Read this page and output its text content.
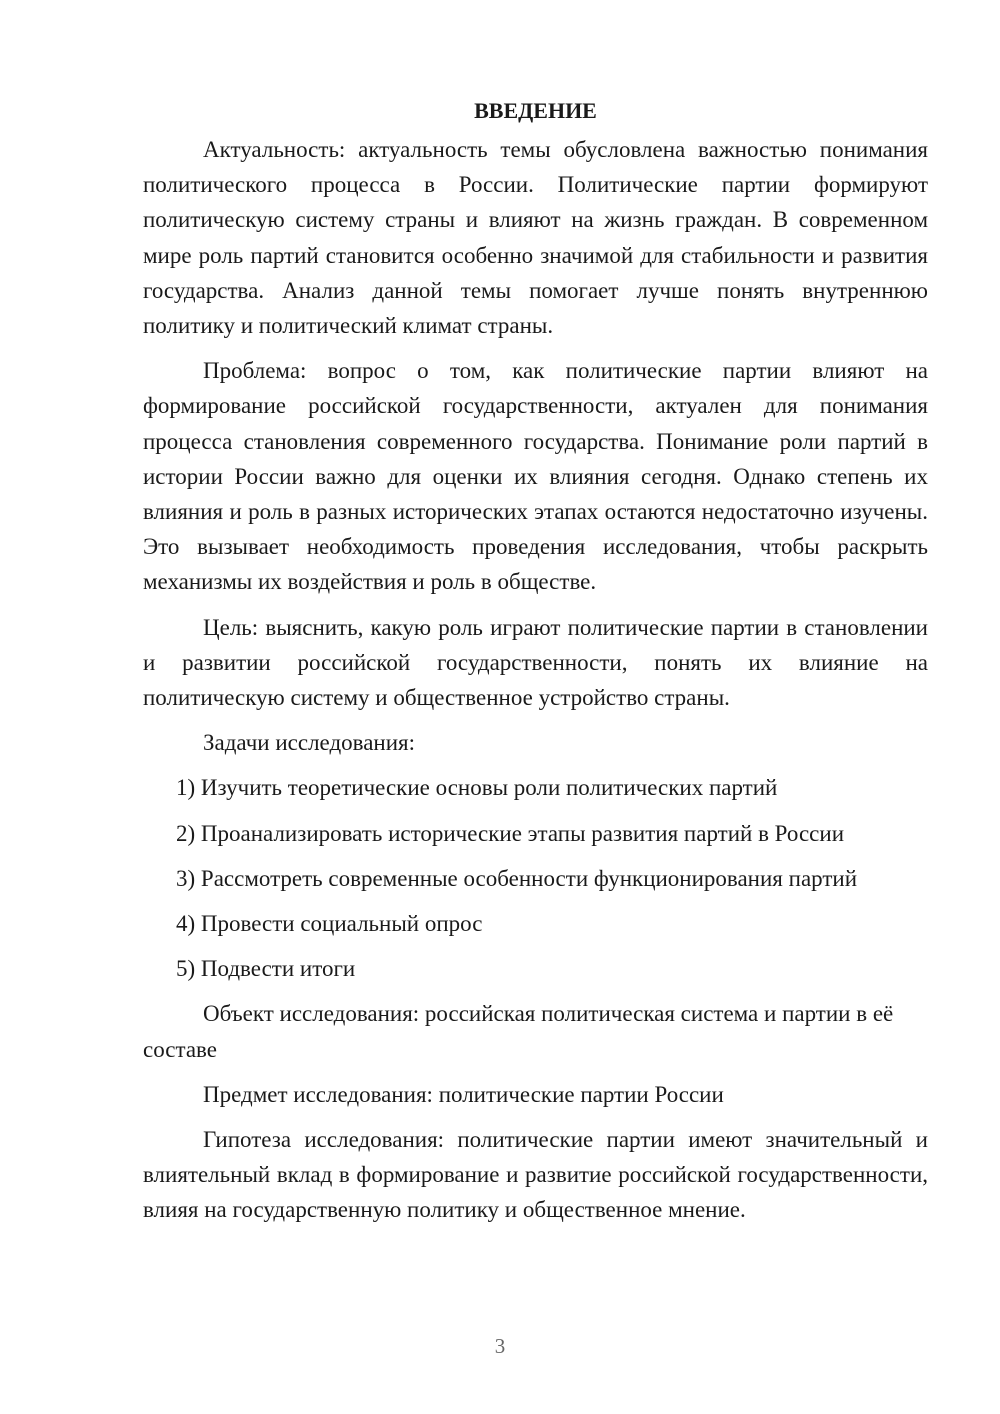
ВВЕДЕНИЕ

Актуальность: актуальность темы обусловлена важностью понимания политического процесса в России. Политические партии формируют политическую систему страны и влияют на жизнь граждан. В современном мире роль партий становится особенно значимой для стабильности и развития государства. Анализ данной темы помогает лучше понять внутреннюю политику и политический климат страны.

Проблема: вопрос о том, как политические партии влияют на формирование российской государственности, актуален для понимания процесса становления современного государства. Понимание роли партий в истории России важно для оценки их влияния сегодня. Однако степень их влияния и роль в разных исторических этапах остаются недостаточно изучены. Это вызывает необходимость проведения исследования, чтобы раскрыть механизмы их воздействия и роль в обществе.

Цель: выяснить, какую роль играют политические партии в становлении и развитии российской государственности, понять их влияние на политическую систему и общественное устройство страны.

Задачи исследования:

1) Изучить теоретические основы роли политических партий
2) Проанализировать исторические этапы развития партий в России
3) Рассмотреть современные особенности функционирования партий
4) Провести социальный опрос
5) Подвести итоги

Объект исследования: российская политическая система и партии в её составе

Предмет исследования: политические партии России

Гипотеза исследования: политические партии имеют значительный и влиятельный вклад в формирование и развитие российской государственности, влияя на государственную политику и общественное мнение.

3
